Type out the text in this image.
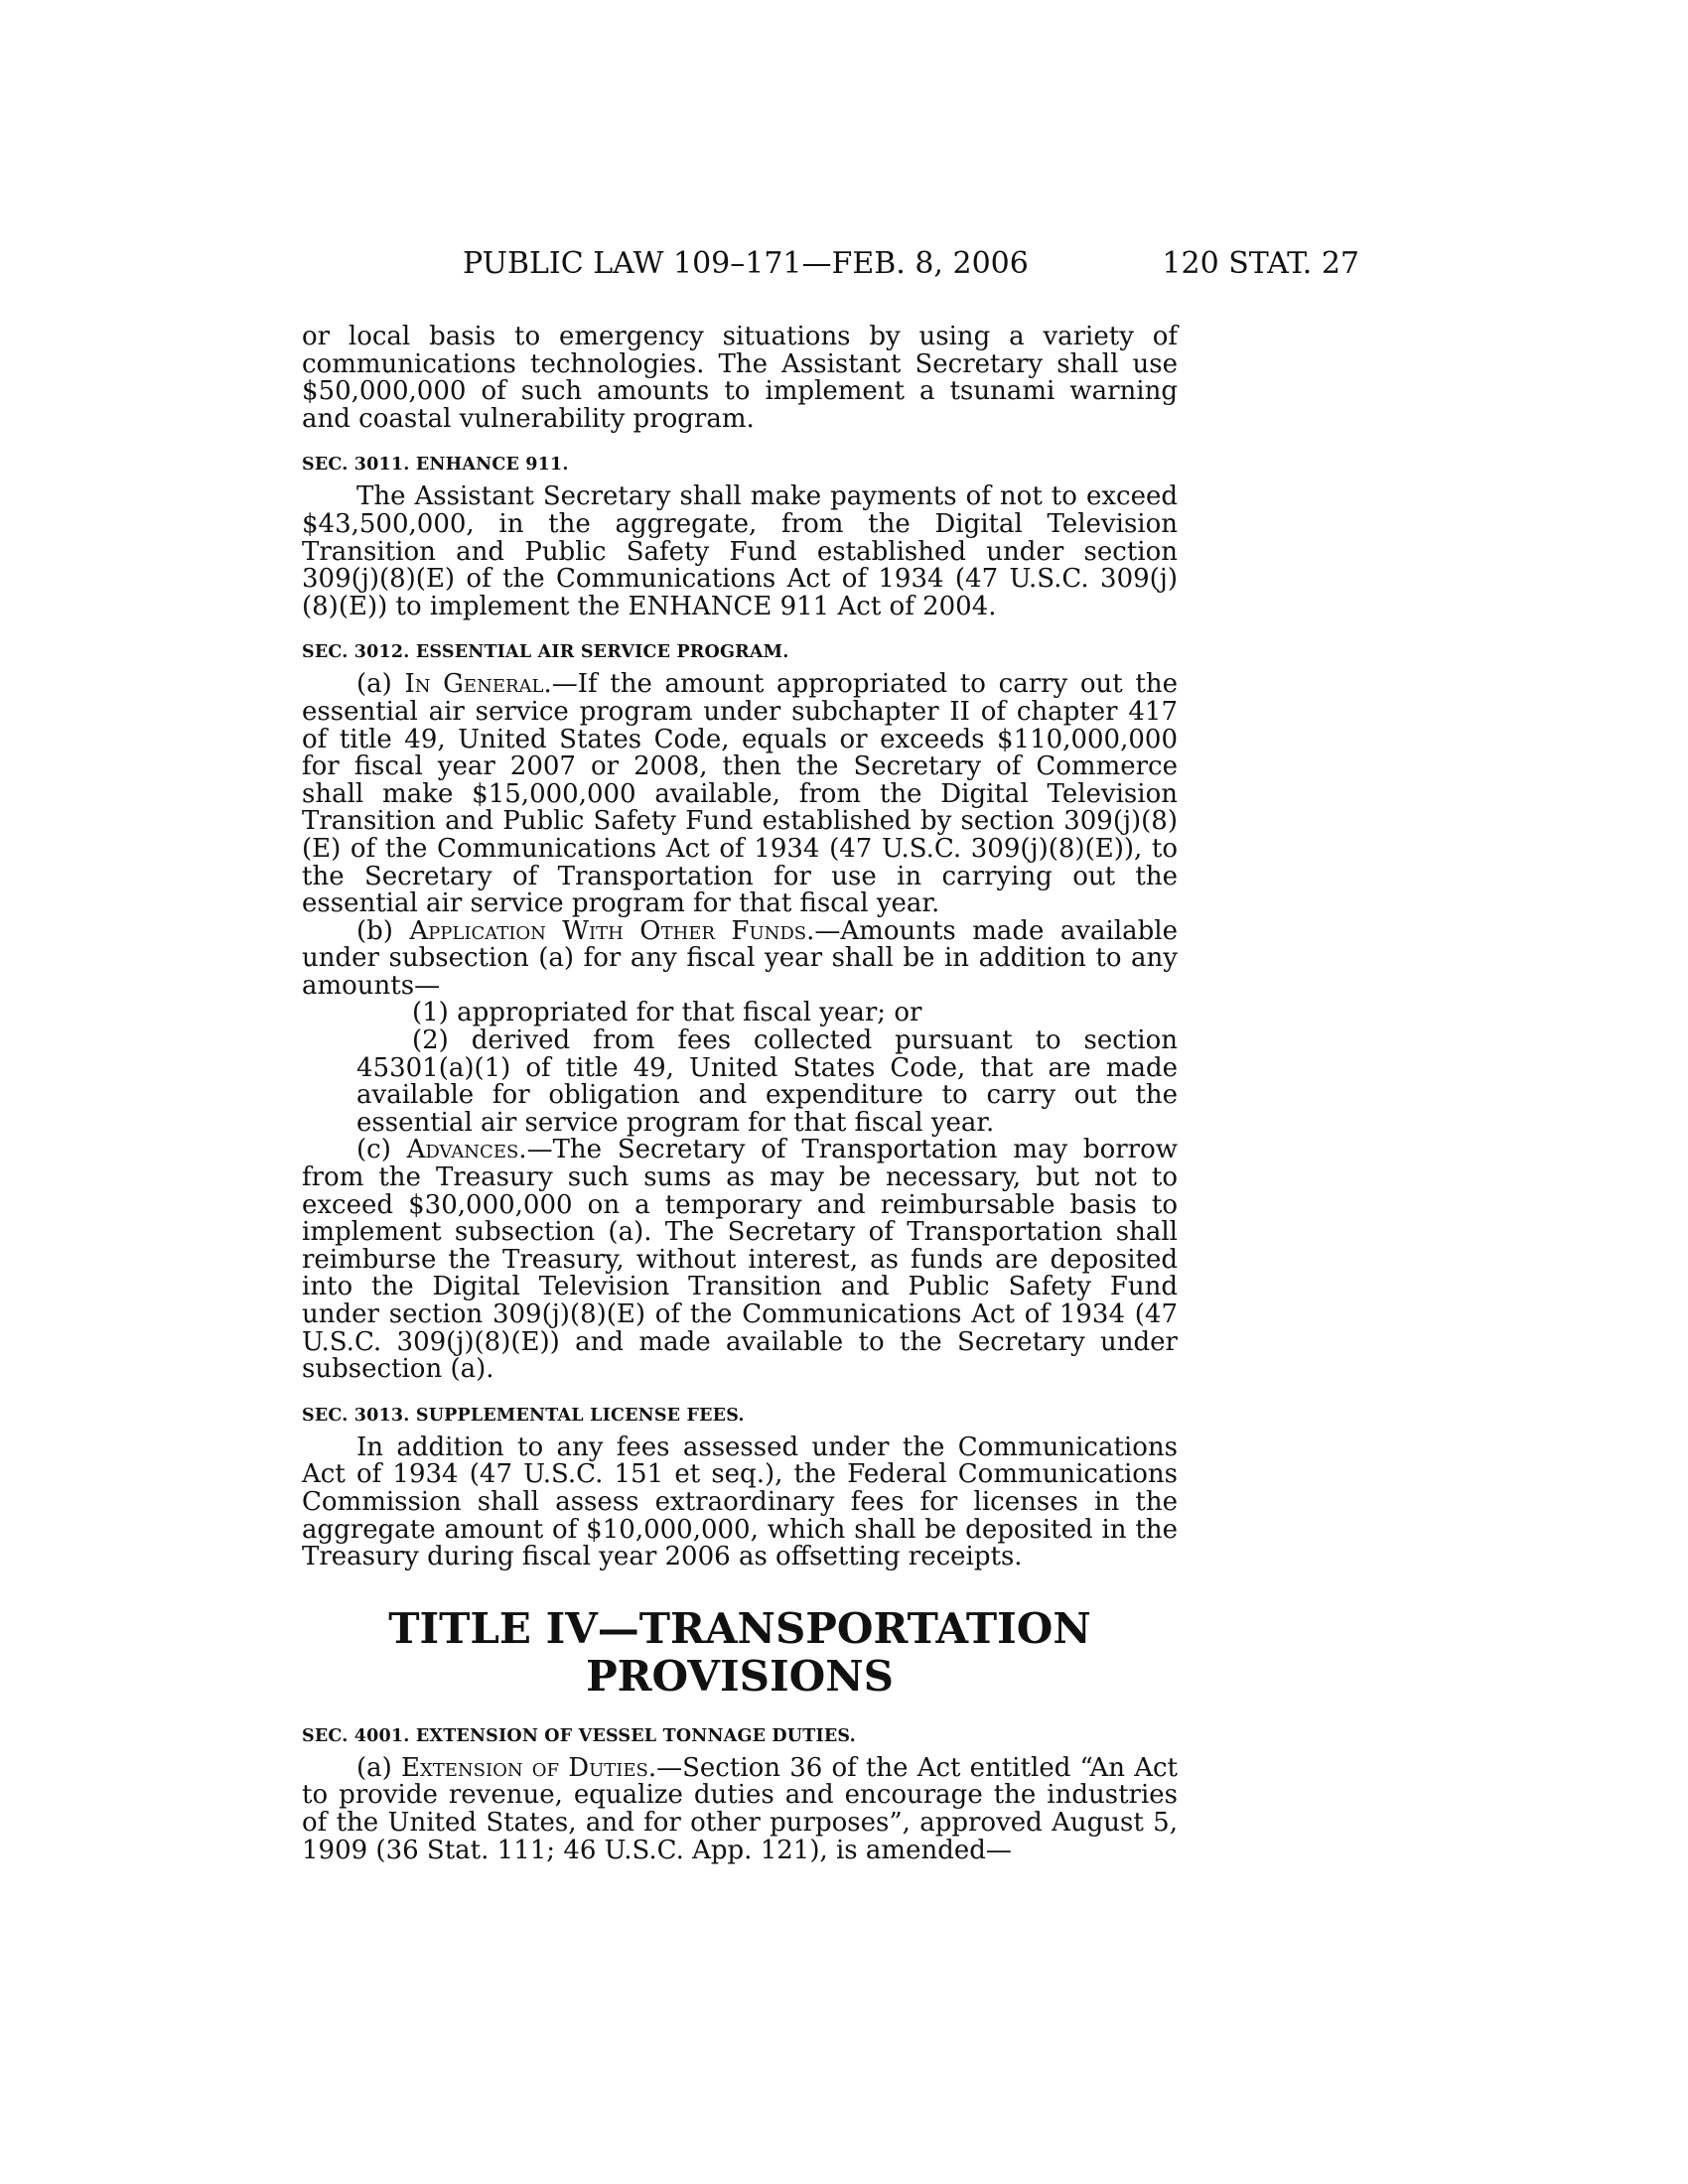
PUBLIC LAW 109–171—FEB. 8, 2006	120 STAT. 27

or local basis to emergency situations by using a variety of communications technologies. The Assistant Secretary shall use $50,000,000 of such amounts to implement a tsunami warning and coastal vulnerability program.

SEC. 3011. ENHANCE 911.

The Assistant Secretary shall make payments of not to exceed $43,500,000, in the aggregate, from the Digital Television Transition and Public Safety Fund established under section 309(j)(8)(E) of the Communications Act of 1934 (47 U.S.C. 309(j)(8)(E)) to implement the ENHANCE 911 Act of 2004.

SEC. 3012. ESSENTIAL AIR SERVICE PROGRAM.

(a) In General.—If the amount appropriated to carry out the essential air service program under subchapter II of chapter 417 of title 49, United States Code, equals or exceeds $110,000,000 for fiscal year 2007 or 2008, then the Secretary of Commerce shall make $15,000,000 available, from the Digital Television Transition and Public Safety Fund established by section 309(j)(8)(E) of the Communications Act of 1934 (47 U.S.C. 309(j)(8)(E)), to the Secretary of Transportation for use in carrying out the essential air service program for that fiscal year.

(b) Application With Other Funds.—Amounts made available under subsection (a) for any fiscal year shall be in addition to any amounts—

(1) appropriated for that fiscal year; or

(2) derived from fees collected pursuant to section 45301(a)(1) of title 49, United States Code, that are made available for obligation and expenditure to carry out the essential air service program for that fiscal year.

(c) Advances.—The Secretary of Transportation may borrow from the Treasury such sums as may be necessary, but not to exceed $30,000,000 on a temporary and reimbursable basis to implement subsection (a). The Secretary of Transportation shall reimburse the Treasury, without interest, as funds are deposited into the Digital Television Transition and Public Safety Fund under section 309(j)(8)(E) of the Communications Act of 1934 (47 U.S.C. 309(j)(8)(E)) and made available to the Secretary under subsection (a).

SEC. 3013. SUPPLEMENTAL LICENSE FEES.

In addition to any fees assessed under the Communications Act of 1934 (47 U.S.C. 151 et seq.), the Federal Communications Commission shall assess extraordinary fees for licenses in the aggregate amount of $10,000,000, which shall be deposited in the Treasury during fiscal year 2006 as offsetting receipts.

TITLE IV—TRANSPORTATION
PROVISIONS

SEC. 4001. EXTENSION OF VESSEL TONNAGE DUTIES.

(a) Extension of Duties.—Section 36 of the Act entitled “An Act to provide revenue, equalize duties and encourage the industries of the United States, and for other purposes”, approved August 5, 1909 (36 Stat. 111; 46 U.S.C. App. 121), is amended—
